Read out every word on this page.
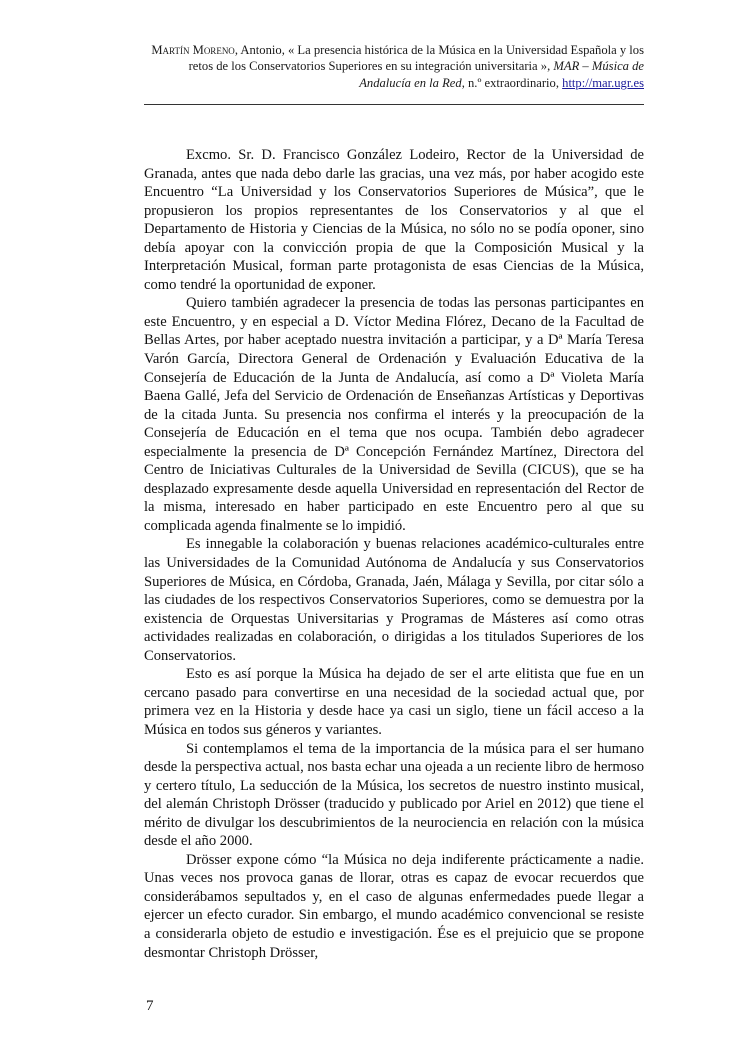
Martín Moreno, Antonio, « La presencia histórica de la Música en la Universidad Española y los retos de los Conservatorios Superiores en su integración universitaria », MAR – Música de Andalucía en la Red, n.º extraordinario, http://mar.ugr.es

Excmo. Sr. D. Francisco González Lodeiro, Rector de la Universidad de Granada, antes que nada debo darle las gracias, una vez más, por haber acogido este Encuentro “La Universidad y los Conservatorios Superiores de Música”, que le propusieron los propios representantes de los Conservatorios y al que el Departamento de Historia y Ciencias de la Música, no sólo no se podía oponer, sino debía apoyar con la convicción propia de que la Composición Musical y la Interpretación Musical, forman parte protagonista de esas Ciencias de la Música, como tendré la oportunidad de exponer.

Quiero también agradecer la presencia de todas las personas participantes en este Encuentro, y en especial a D. Víctor Medina Flórez, Decano de la Facultad de Bellas Artes, por haber aceptado nuestra invitación a participar, y a Dª María Teresa Varón García, Directora General de Ordenación y Evaluación Educativa de la Consejería de Educación de la Junta de Andalucía, así como a Dª Violeta María Baena Gallé, Jefa del Servicio de Ordenación de Enseñanzas Artísticas y Deportivas de la citada Junta. Su presencia nos confirma el interés y la preocupación de la Consejería de Educación en el tema que nos ocupa. También debo agradecer especialmente la presencia de Dª Concepción Fernández Martínez, Directora del Centro de Iniciativas Culturales de la Universidad de Sevilla (CICUS), que se ha desplazado expresamente desde aquella Universidad en representación del Rector de la misma, interesado en haber participado en este Encuentro pero al que su complicada agenda finalmente se lo impidió.

Es innegable la colaboración y buenas relaciones académico-culturales entre las Universidades de la Comunidad Autónoma de Andalucía y sus Conservatorios Superiores de Música, en Córdoba, Granada, Jaén, Málaga y Sevilla, por citar sólo a las ciudades de los respectivos Conservatorios Superiores, como se demuestra por la existencia de Orquestas Universitarias y Programas de Másteres así como otras actividades realizadas en colaboración, o dirigidas a los titulados Superiores de los Conservatorios.

Esto es así porque la Música ha dejado de ser el arte elitista que fue en un cercano pasado para convertirse en una necesidad de la sociedad actual que, por primera vez en la Historia y desde hace ya casi un siglo, tiene un fácil acceso a la Música en todos sus géneros y variantes.

Si contemplamos el tema de la importancia de la música para el ser humano desde la perspectiva actual, nos basta echar una ojeada a un reciente libro de hermoso y certero título, La seducción de la Música, los secretos de nuestro instinto musical, del alemán Christoph Drösser (traducido y publicado por Ariel en 2012) que tiene el mérito de divulgar los descubrimientos de la neurociencia en relación con la música desde el año 2000.

Drösser expone cómo “la Música no deja indiferente prácticamente a nadie. Unas veces nos provoca ganas de llorar, otras es capaz de evocar recuerdos que considerábamos sepultados y, en el caso de algunas enfermedades puede llegar a ejercer un efecto curador. Sin embargo, el mundo académico convencional se resiste a considerarla objeto de estudio e investigación. Ése es el prejuicio que se propone desmontar Christoph Drösser,

7
